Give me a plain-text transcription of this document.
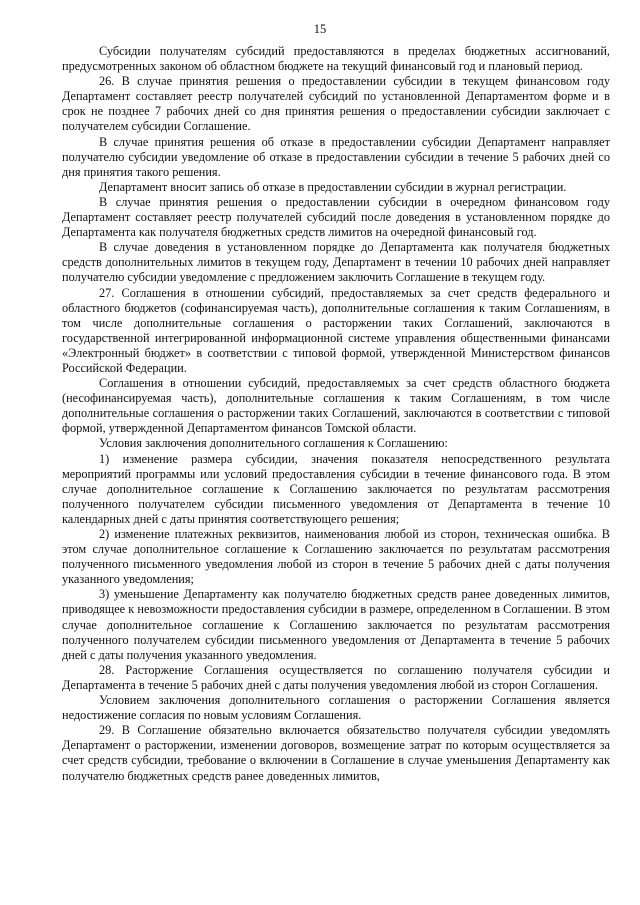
15

Субсидии получателям субсидий предоставляются в пределах бюджетных ассигнований, предусмотренных законом об областном бюджете на текущий финансовый год и плановый период.

26. В случае принятия решения о предоставлении субсидии в текущем финансовом году Департамент составляет реестр получателей субсидий по установленной Департаментом форме и в срок не позднее 7 рабочих дней со дня принятия решения о предоставлении субсидии заключает с получателем субсидии Соглашение.

В случае принятия решения об отказе в предоставлении субсидии Департамент направляет получателю субсидии уведомление об отказе в предоставлении субсидии в течение 5 рабочих дней со дня принятия такого решения.

Департамент вносит запись об отказе в предоставлении субсидии в журнал регистрации.

В случае принятия решения о предоставлении субсидии в очередном финансовом году Департамент составляет реестр получателей субсидий после доведения в установленном порядке до Департамента как получателя бюджетных средств лимитов на очередной финансовый год.

В случае доведения в установленном порядке до Департамента как получателя бюджетных средств дополнительных лимитов в текущем году, Департамент в течении 10 рабочих дней направляет получателю субсидии уведомление с предложением заключить Соглашение в текущем году.

27. Соглашения в отношении субсидий, предоставляемых за счет средств федерального и областного бюджетов (софинансируемая часть), дополнительные соглашения к таким Соглашениям, в том числе дополнительные соглашения о расторжении таких Соглашений, заключаются в государственной интегрированной информационной системе управления общественными финансами «Электронный бюджет» в соответствии с типовой формой, утвержденной Министерством финансов Российской Федерации.

Соглашения в отношении субсидий, предоставляемых за счет средств областного бюджета (несофинансируемая часть), дополнительные соглашения к таким Соглашениям, в том числе дополнительные соглашения о расторжении таких Соглашений, заключаются в соответствии с типовой формой, утвержденной Департаментом финансов Томской области.

Условия заключения дополнительного соглашения к Соглашению:

1) изменение размера субсидии, значения показателя непосредственного результата мероприятий программы или условий предоставления субсидии в течение финансового года. В этом случае дополнительное соглашение к Соглашению заключается по результатам рассмотрения полученного получателем субсидии письменного уведомления от Департамента в течение 10 календарных дней с даты принятия соответствующего решения;

2) изменение платежных реквизитов, наименования любой из сторон, техническая ошибка. В этом случае дополнительное соглашение к Соглашению заключается по результатам рассмотрения полученного письменного уведомления любой из сторон в течение 5 рабочих дней с даты получения указанного уведомления;

3) уменьшение Департаменту как получателю бюджетных средств ранее доведенных лимитов, приводящее к невозможности предоставления субсидии в размере, определенном в Соглашении. В этом случае дополнительное соглашение к Соглашению заключается по результатам рассмотрения полученного получателем субсидии письменного уведомления от Департамента в течение 5 рабочих дней с даты получения указанного уведомления.

28. Расторжение Соглашения осуществляется по соглашению получателя субсидии и Департамента в течение 5 рабочих дней с даты получения уведомления любой из сторон Соглашения.

Условием заключения дополнительного соглашения о расторжении Соглашения является недостижение согласия по новым условиям Соглашения.

29. В Соглашение обязательно включается обязательство получателя субсидии уведомлять Департамент о расторжении, изменении договоров, возмещение затрат по которым осуществляется за счет средств субсидии, требование о включении в Соглашение в случае уменьшения Департаменту как получателю бюджетных средств ранее доведенных лимитов,
